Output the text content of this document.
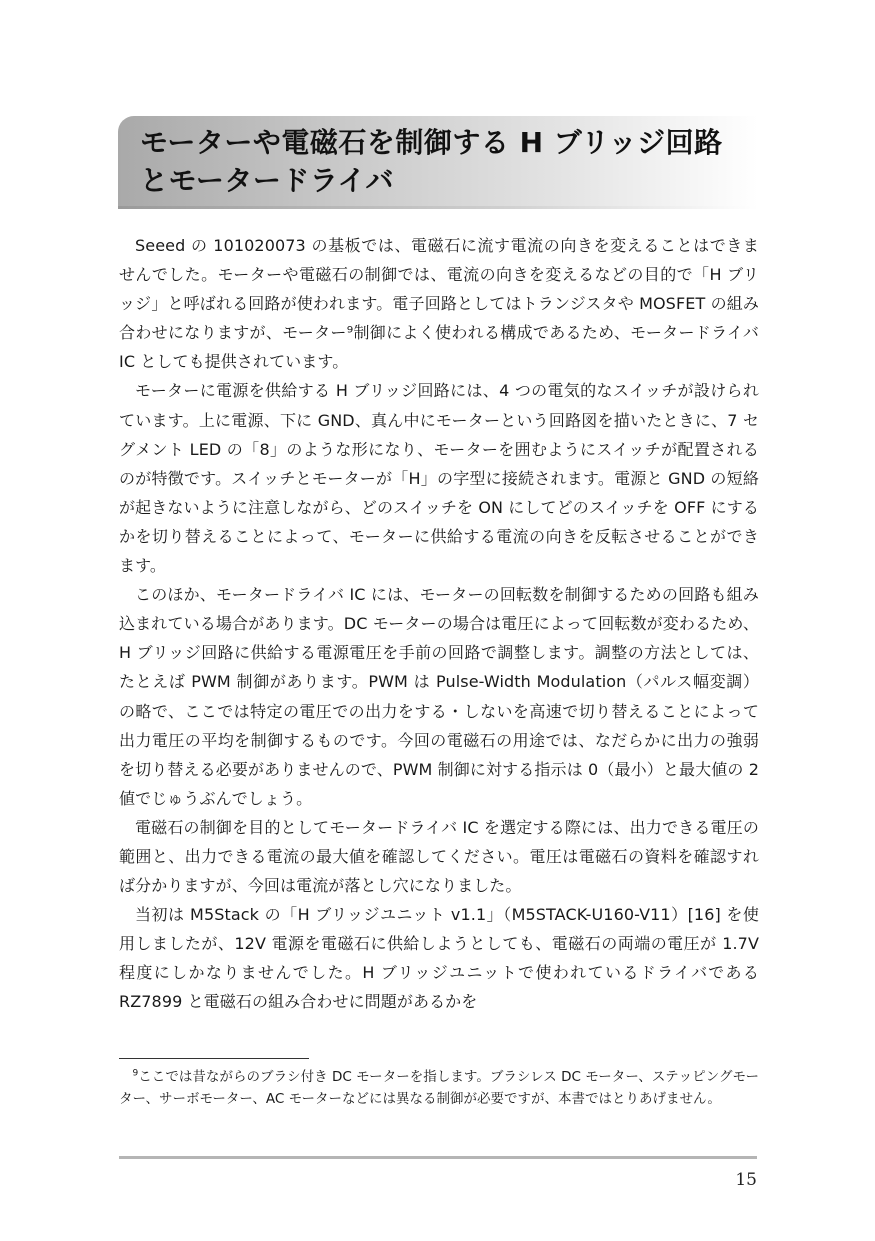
モーターや電磁石を制御する H ブリッジ回路
とモータードライバ

Seeed の 101020073 の基板では、電磁石に流す電流の向きを変えることはできませんでした。モーターや電磁石の制御では、電流の向きを変えるなどの目的で「H ブリッジ」と呼ばれる回路が使われます。電子回路としてはトランジスタや MOSFET の組み合わせになりますが、モーター⁹制御によく使われる構成であるため、モータードライバ IC としても提供されています。

モーターに電源を供給する H ブリッジ回路には、4 つの電気的なスイッチが設けられています。上に電源、下に GND、真ん中にモーターという回路図を描いたときに、7 セグメント LED の「8」のような形になり、モーターを囲むようにスイッチが配置されるのが特徴です。スイッチとモーターが「H」の字型に接続されます。電源と GND の短絡が起きないように注意しながら、どのスイッチを ON にしてどのスイッチを OFF にするかを切り替えることによって、モーターに供給する電流の向きを反転させることができます。

このほか、モータードライバ IC には、モーターの回転数を制御するための回路も組み込まれている場合があります。DC モーターの場合は電圧によって回転数が変わるため、H ブリッジ回路に供給する電源電圧を手前の回路で調整します。調整の方法としては、たとえば PWM 制御があります。PWM は Pulse-Width Modulation（パルス幅変調）の略で、ここでは特定の電圧での出力をする・しないを高速で切り替えることによって出力電圧の平均を制御するものです。今回の電磁石の用途では、なだらかに出力の強弱を切り替える必要がありませんので、PWM 制御に対する指示は 0（最小）と最大値の 2 値でじゅうぶんでしょう。

電磁石の制御を目的としてモータードライバ IC を選定する際には、出力できる電圧の範囲と、出力できる電流の最大値を確認してください。電圧は電磁石の資料を確認すれば分かりますが、今回は電流が落とし穴になりました。

当初は M5Stack の「H ブリッジユニット v1.1」（M5STACK-U160-V11）[16] を使用しましたが、12V 電源を電磁石に供給しようとしても、電磁石の両端の電圧が 1.7V 程度にしかなりませんでした。H ブリッジユニットで使われているドライバである RZ7899 と電磁石の組み合わせに問題があるかを

$^9$ここでは昔ながらのブラシ付き DC モーターを指します。ブラシレス DC モーター、ステッピングモーター、サーボモーター、AC モーターなどには異なる制御が必要ですが、本書ではとりあげません。

15
